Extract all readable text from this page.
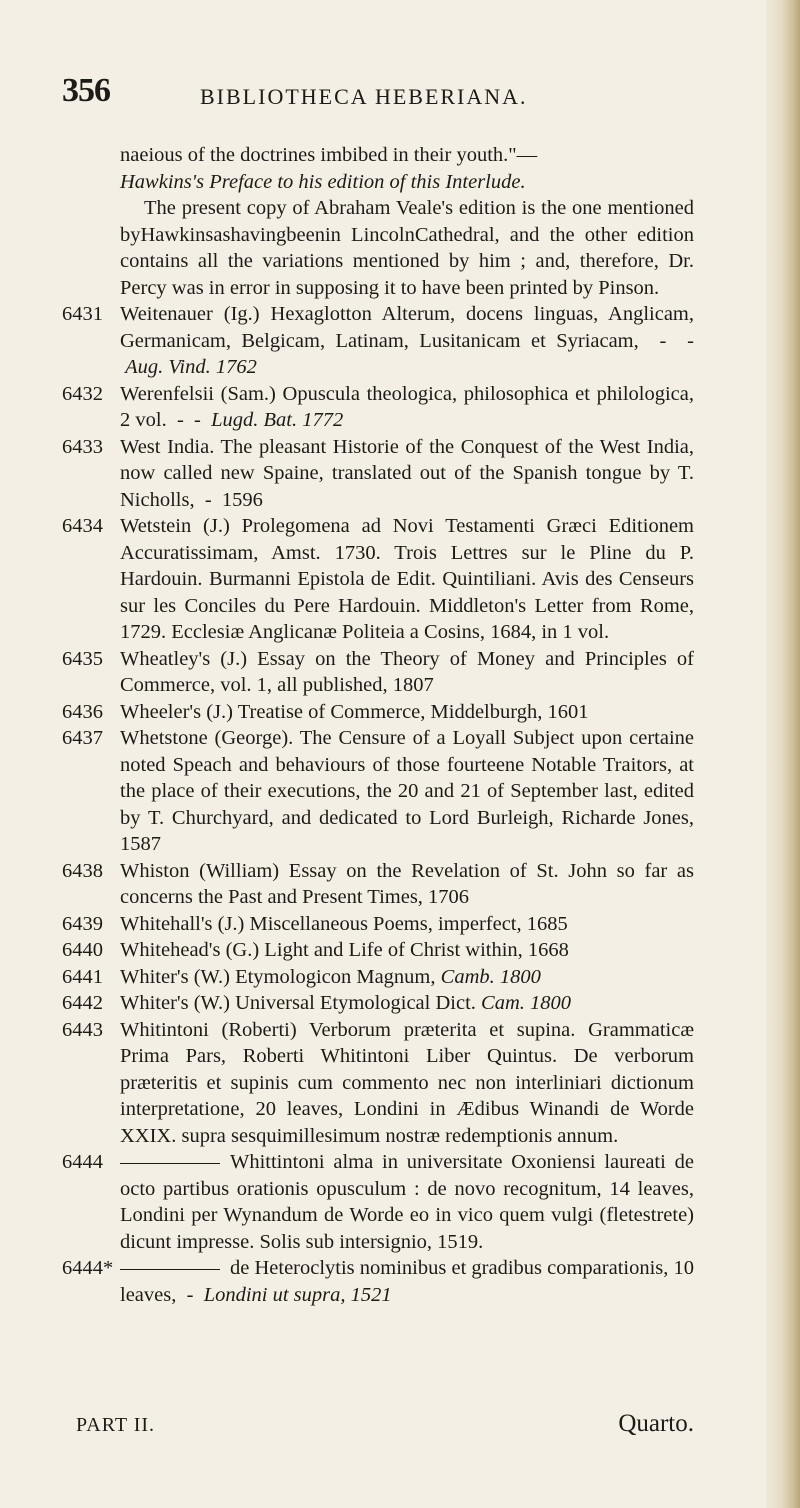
356	BIBLIOTHECA HEBERIANA.

naeious of the doctrines imbibed in their youth."—

Hawkins's Preface to his edition of this Interlude.

The present copy of Abraham Veale's edition is the one mentioned byHawkinsashavingbeenin LincolnCathedral, and the other edition contains all the variations mentioned by him ; and, therefore, Dr. Percy was in error in supposing it to have been printed by Pinson.

6431 Weitenauer (Ig.) Hexaglotton Alterum, docens linguas, Anglicam, Germanicam, Belgicam, Latinam, Lusitanicam et Syriacam,  -  -  Aug. Vind. 1762

6432 Werenfelsii (Sam.) Opuscula theologica, philosophica et philologica, 2 vol.  -  -  Lugd. Bat. 1772

6433 West India. The pleasant Historie of the Conquest of the West India, now called new Spaine, translated out of the Spanish tongue by T. Nicholls,  -  1596

6434 Wetstein (J.) Prolegomena ad Novi Testamenti Græci Editionem Accuratissimam, Amst. 1730. Trois Lettres sur le Pline du P. Hardouin. Burmanni Epistola de Edit. Quintiliani. Avis des Censeurs sur les Conciles du Pere Hardouin. Middleton's Letter from Rome, 1729. Ecclesiæ Anglicanæ Politeia a Cosins, 1684, in 1 vol.

6435 Wheatley's (J.) Essay on the Theory of Money and Principles of Commerce, vol. 1, all published, 1807

6436 Wheeler's (J.) Treatise of Commerce, Middelburgh, 1601

6437 Whetstone (George). The Censure of a Loyall Subject upon certaine noted Speach and behaviours of those fourteene Notable Traitors, at the place of their executions, the 20 and 21 of September last, edited by T. Churchyard, and dedicated to Lord Burleigh, Richarde Jones, 1587

6438 Whiston (William) Essay on the Revelation of St. John so far as concerns the Past and Present Times, 1706

6439 Whitehall's (J.) Miscellaneous Poems, imperfect, 1685

6440 Whitehead's (G.) Light and Life of Christ within, 1668

6441 Whiter's (W.) Etymologicon Magnum, Camb. 1800

6442 Whiter's (W.) Universal Etymological Dict. Cam. 1800

6443 Whitintoni (Roberti) Verborum præterita et supina. Grammaticæ Prima Pars, Roberti Whitintoni Liber Quintus. De verborum præteritis et supinis cum commento nec non interliniari dictionum interpretatione, 20 leaves, Londini in Ædibus Winandi de Worde XXIX. supra sesquimillesimum nostræ redemptionis annum.

6444	Whittintoni alma in universitate Oxoniensi laureati de octo partibus orationis opusculum : de novo recognitum, 14 leaves, Londini per Wynandum de Worde eo in vico quem vulgi (fletestrete) dicunt impresse. Solis sub intersignio, 1519.

6444*	de Heteroclytis nominibus et gradibus comparationis, 10 leaves,  -  Londini ut supra, 1521

PART II.	Quarto.
